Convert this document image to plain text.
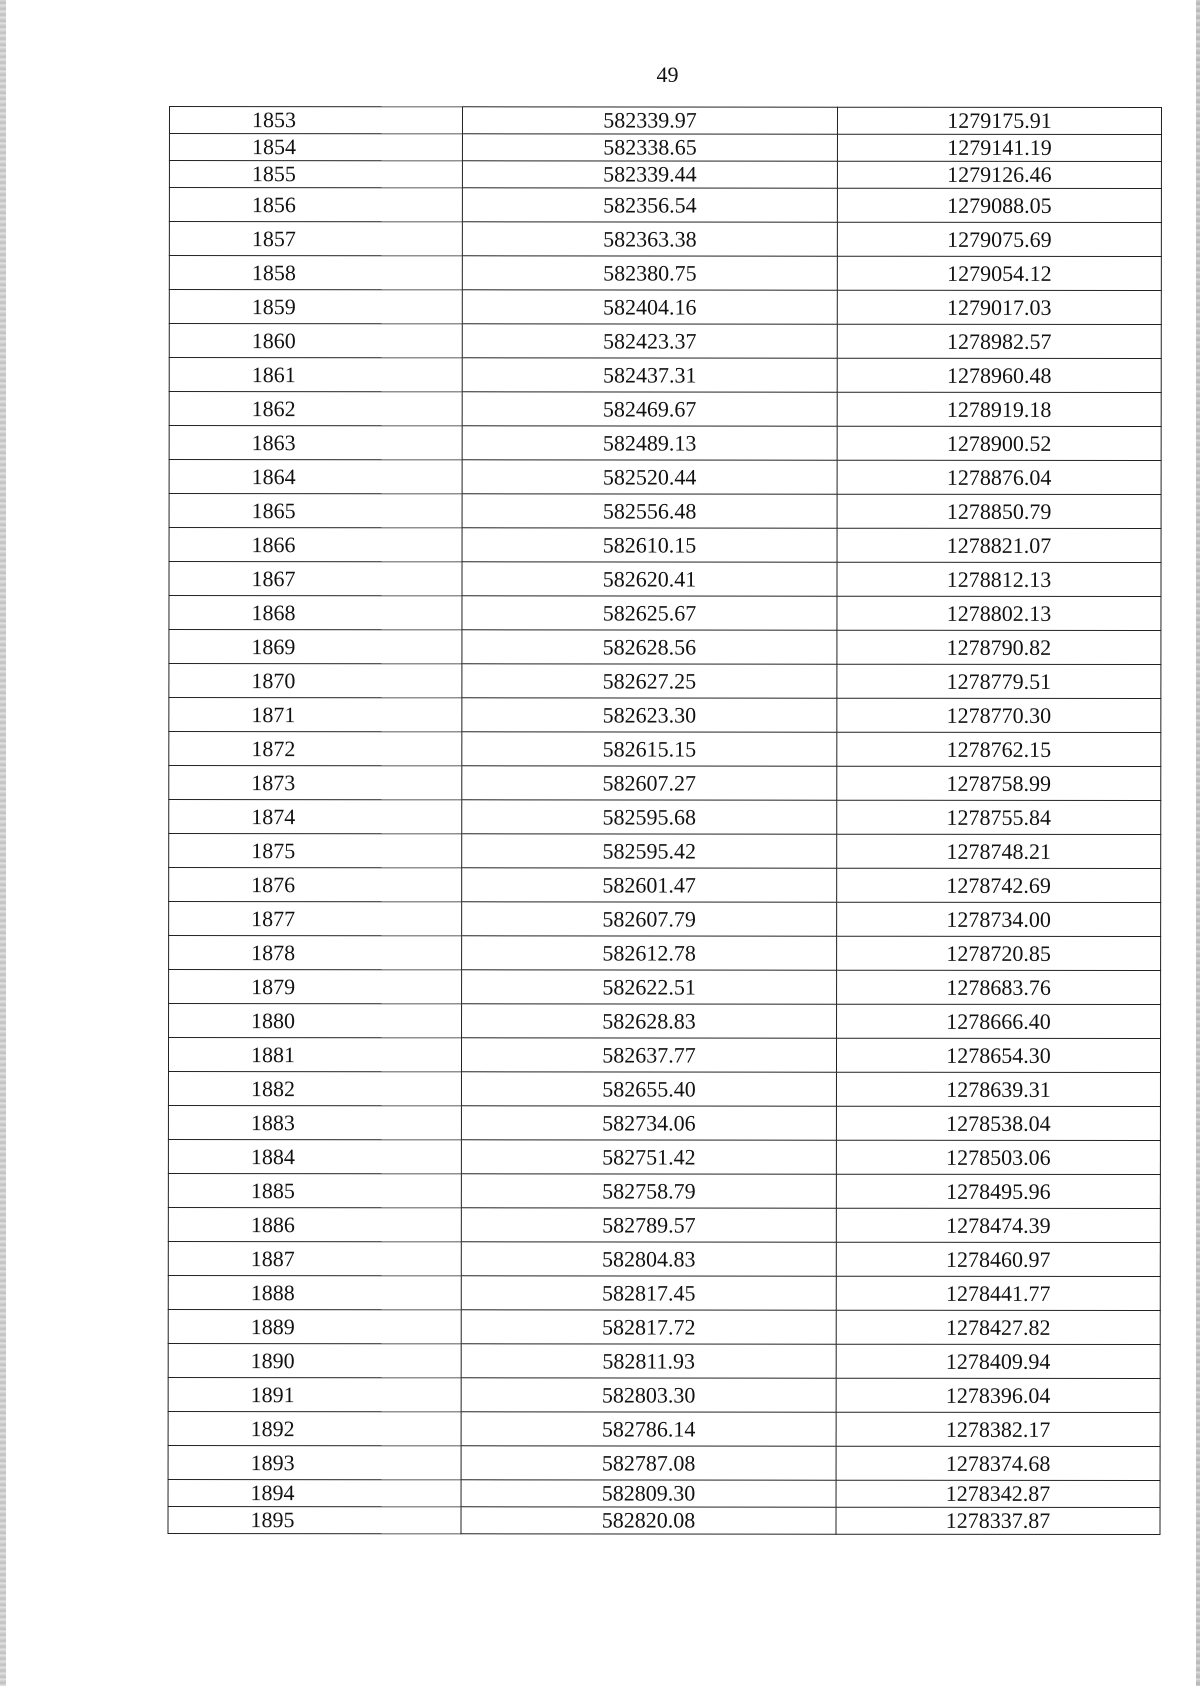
49
1853	582339.97	1279175.91
1854	582338.65	1279141.19
1855	582339.44	1279126.46
1856	582356.54	1279088.05
1857	582363.38	1279075.69
1858	582380.75	1279054.12
1859	582404.16	1279017.03
1860	582423.37	1278982.57
1861	582437.31	1278960.48
1862	582469.67	1278919.18
1863	582489.13	1278900.52
1864	582520.44	1278876.04
1865	582556.48	1278850.79
1866	582610.15	1278821.07
1867	582620.41	1278812.13
1868	582625.67	1278802.13
1869	582628.56	1278790.82
1870	582627.25	1278779.51
1871	582623.30	1278770.30
1872	582615.15	1278762.15
1873	582607.27	1278758.99
1874	582595.68	1278755.84
1875	582595.42	1278748.21
1876	582601.47	1278742.69
1877	582607.79	1278734.00
1878	582612.78	1278720.85
1879	582622.51	1278683.76
1880	582628.83	1278666.40
1881	582637.77	1278654.30
1882	582655.40	1278639.31
1883	582734.06	1278538.04
1884	582751.42	1278503.06
1885	582758.79	1278495.96
1886	582789.57	1278474.39
1887	582804.83	1278460.97
1888	582817.45	1278441.77
1889	582817.72	1278427.82
1890	582811.93	1278409.94
1891	582803.30	1278396.04
1892	582786.14	1278382.17
1893	582787.08	1278374.68
1894	582809.30	1278342.87
1895	582820.08	1278337.87
